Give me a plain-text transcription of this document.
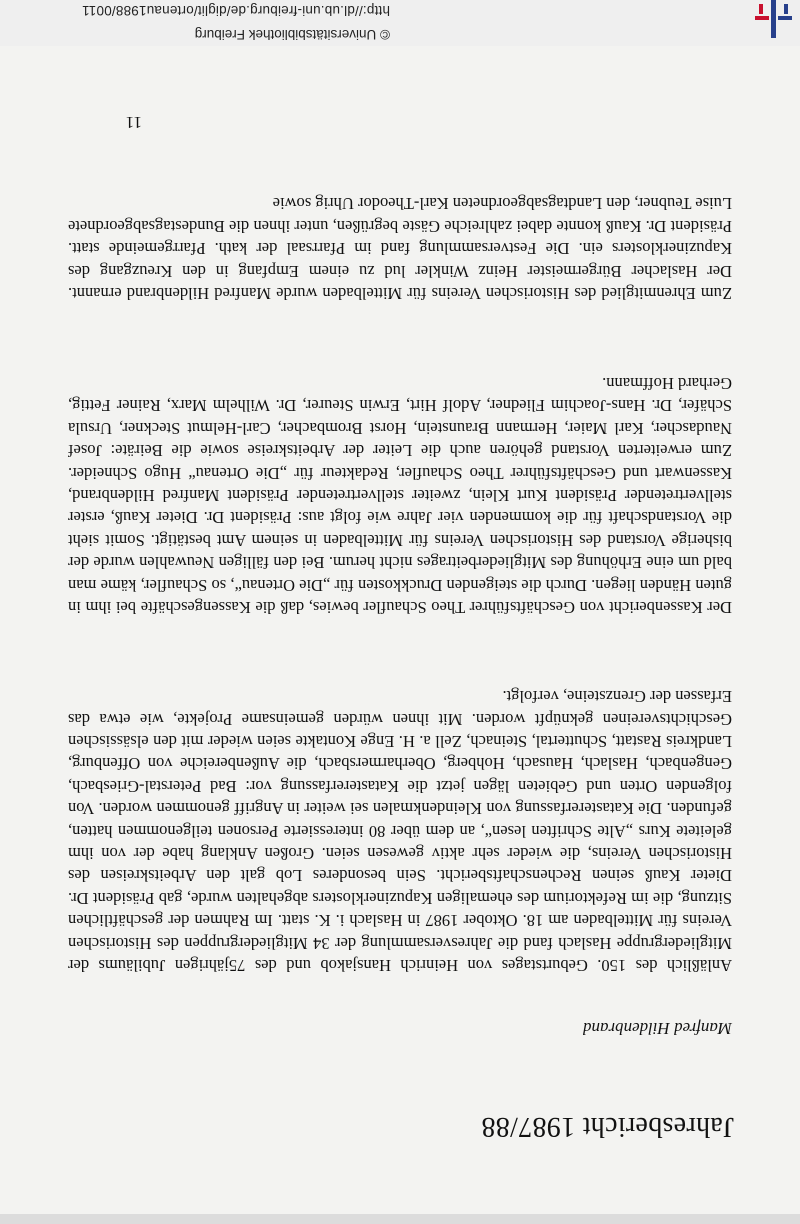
Jahresbericht 1987/88
Manfred Hildenbrand

Anläßlich des 150. Geburtstages von Heinrich Hansjakob und des 75jährigen Jubiläums der Mitgliedergruppe Haslach fand die Jahresversammlung der 34 Mitgliedergruppen des Historischen Vereins für Mittelbaden am 18. Oktober 1987 in Haslach i. K. statt. Im Rahmen der geschäftlichen Sitzung, die im Refektorium des ehemaligen Kapuzinerklosters abgehalten wurde, gab Präsident Dr. Dieter Kauß seinen Rechenschaftsbericht. Sein besonderes Lob galt den Arbeitskreisen des Historischen Vereins, die wieder sehr aktiv gewesen seien. Großen Anklang habe der von ihm geleitete Kurs „Alte Schriften lesen“, an dem über 80 interessierte Personen teilgenommen hatten, gefunden. Die Katastererfassung von Kleindenkmalen sei weiter in Angriff genommen worden. Von folgenden Orten und Gebieten lägen jetzt die Katastererfassung vor: Bad Peterstal-Griesbach, Gengenbach, Haslach, Hausach, Hohberg, Oberharmersbach, die Außenbereiche von Offenburg, Landkreis Rastatt, Schuttertal, Steinach, Zell a. H. Enge Kontakte seien wieder mit den elsässischen Geschichtsvereinen geknüpft worden. Mit ihnen würden gemeinsame Projekte, wie etwa das Erfassen der Grenzsteine, verfolgt.

Der Kassenbericht von Geschäftsführer Theo Schaufler bewies, daß die Kassengeschäfte bei ihm in guten Händen liegen. Durch die steigenden Druckkosten für „Die Ortenau“, so Schaufler, käme man bald um eine Erhöhung des Mitgliederbeitrages nicht herum. Bei den fälligen Neuwahlen wurde der bisherige Vorstand des Historischen Vereins für Mittelbaden in seinem Amt bestätigt. Somit sieht die Vorstandschaft für die kommenden vier Jahre wie folgt aus: Präsident Dr. Dieter Kauß, erster stellvertretender Präsident Kurt Klein, zweiter stellvertretender Präsident Manfred Hildenbrand, Kassenwart und Geschäftsführer Theo Schaufler, Redakteur für „Die Ortenau“ Hugo Schneider. Zum erweiterten Vorstand gehören auch die Leiter der Arbeitskreise sowie die Beiräte: Josef Naudascher, Karl Maier, Hermann Braunstein, Horst Brombacher, Carl-Helmut Steckner, Ursula Schäfer, Dr. Hans-Joachim Fliedner, Adolf Hirt, Erwin Steurer, Dr. Wilhelm Marx, Rainer Fettig, Gerhard Hoffmann.

Zum Ehrenmitglied des Historischen Vereins für Mittelbaden wurde Manfred Hildenbrand ernannt. Der Haslacher Bürgermeister Heinz Winkler lud zu einem Empfang in den Kreuzgang des Kapuzinerklosters ein. Die Festversammlung fand im Pfarrsaal der kath. Pfarrgemeinde statt. Präsident Dr. Kauß konnte dabei zahlreiche Gäste begrüßen, unter ihnen die Bundestagsabgeordnete Luise Teubner, den Landtagsabgeordneten Karl-Theodor Uhrig sowie

11
© Universitätsbibliothek Freiburg
http://dl.ub.uni-freiburg.de/diglit/ortenau1988/0011
